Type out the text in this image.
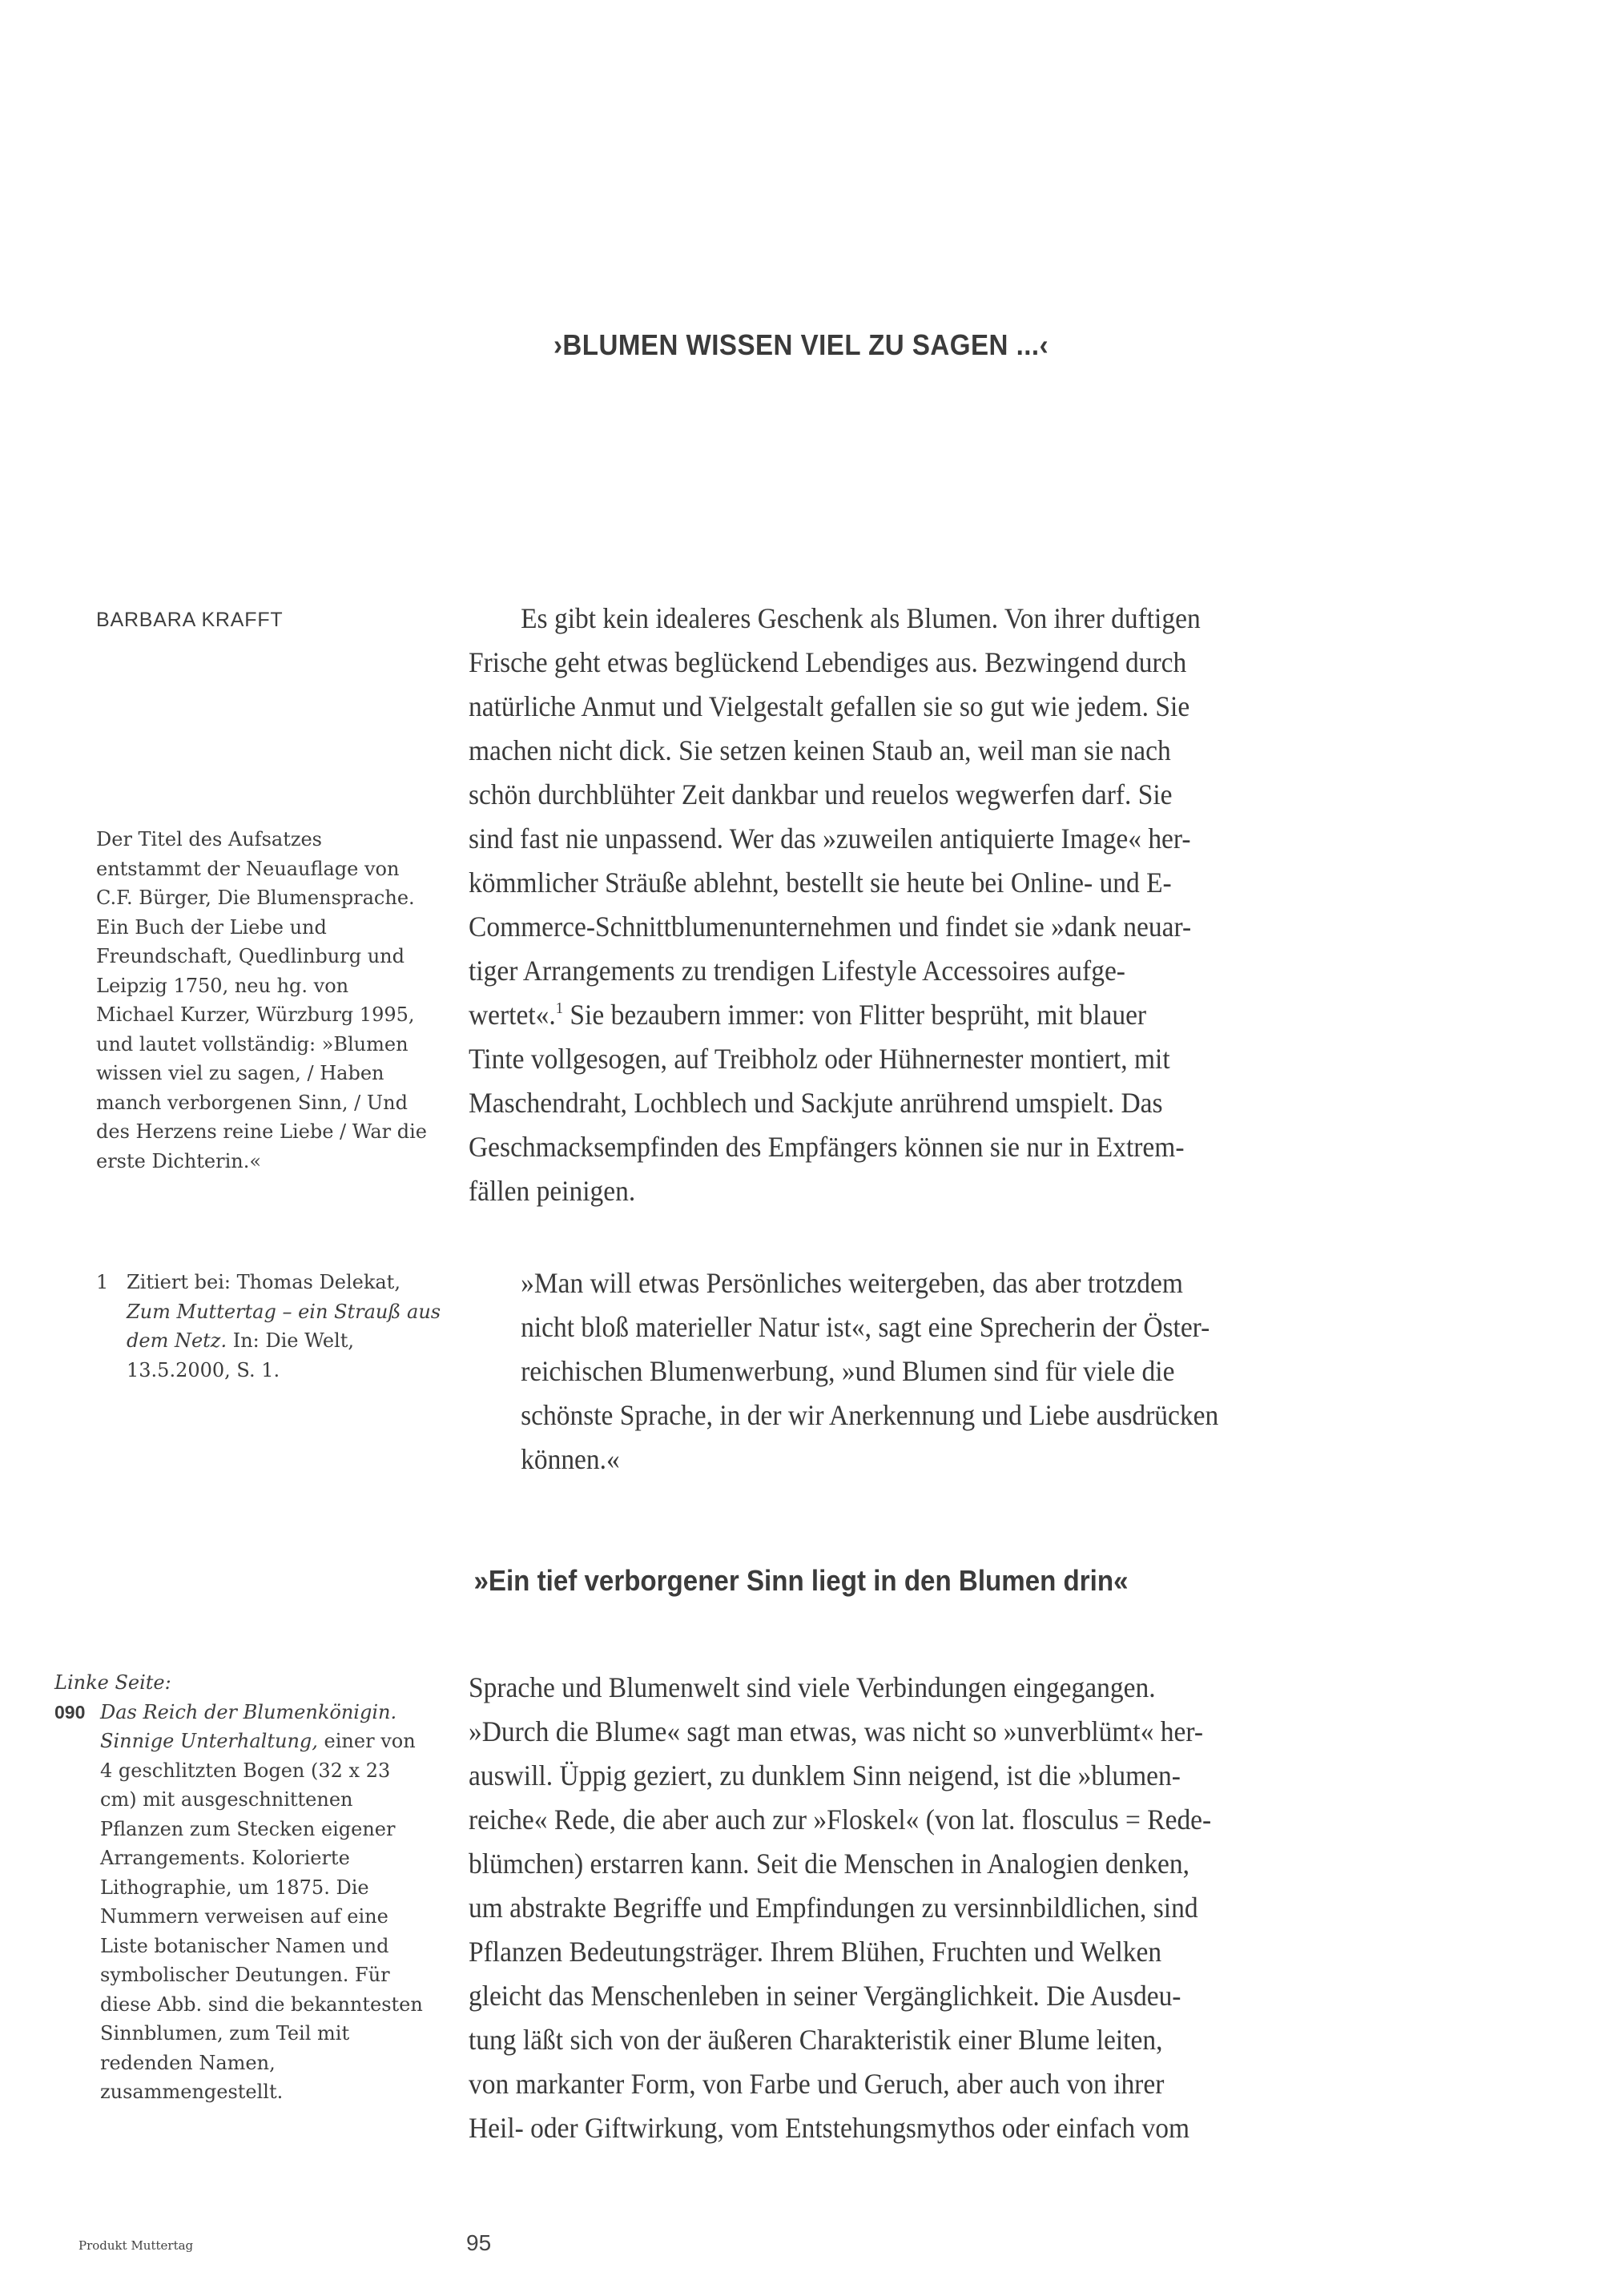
›BLUMEN WISSEN VIEL ZU SAGEN ...‹
BARBARA KRAFFT
Der Titel des Aufsatzes entstammt der Neuauflage von C.F. Bürger, Die Blumensprache. Ein Buch der Liebe und Freundschaft, Quedlinburg und Leipzig 1750, neu hg. von Michael Kurzer, Würzburg 1995, und lautet vollständig: »Blumen wissen viel zu sagen, / Haben manch verborgenen Sinn, / Und des Herzens reine Liebe / War die erste Dichterin.«
1 Zitiert bei: Thomas Delekat, Zum Muttertag – ein Strauß aus dem Netz. In: Die Welt, 13.5.2000, S. 1.

Es gibt kein idealeres Geschenk als Blumen. Von ihrer duftigen
Frische geht etwas beglückend Lebendiges aus. Bezwingend durch
natürliche Anmut und Vielgestalt gefallen sie so gut wie jedem. Sie
machen nicht dick. Sie setzen keinen Staub an, weil man sie nach
schön durchblühter Zeit dankbar und reuelos wegwerfen darf. Sie
sind fast nie unpassend. Wer das »zuweilen antiquierte Image« her-
kömmlicher Sträuße ablehnt, bestellt sie heute bei Online- und E-
Commerce-Schnittblumenunternehmen und findet sie »dank neuar-
tiger Arrangements zu trendigen Lifestyle Accessoires aufge-
wertet«.$^1$ Sie bezaubern immer: von Flitter besprüht, mit blauer
Tinte vollgesogen, auf Treibholz oder Hühnernester montiert, mit
Maschendraht, Lochblech und Sackjute anrührend umspielt. Das
Geschmacksempfinden des Empfängers können sie nur in Extrem-
fällen peinigen.

»Man will etwas Persönliches weitergeben, das aber trotzdem
nicht bloß materieller Natur ist«, sagt eine Sprecherin der Öster-
reichischen Blumenwerbung, »und Blumen sind für viele die
schönste Sprache, in der wir Anerkennung und Liebe ausdrücken
können.«

»Ein tief verborgener Sinn liegt in den Blumen drin«
Linke Seite:
090 Das Reich der Blumenkönigin. Sinnige Unterhaltung, einer von 4 geschlitzten Bogen (32 x 23 cm) mit ausgeschnittenen Pflanzen zum Stecken eigener Arrangements. Kolorierte Lithographie, um 1875. Die Nummern verweisen auf eine Liste botanischer Namen und symbolischer Deutungen. Für diese Abb. sind die bekanntesten Sinnblumen, zum Teil mit redenden Namen, zusammengestellt.

Sprache und Blumenwelt sind viele Verbindungen eingegangen.
»Durch die Blume« sagt man etwas, was nicht so »unverblümt« her-
auswill. Üppig geziert, zu dunklem Sinn neigend, ist die »blumen-
reiche« Rede, die aber auch zur »Floskel« (von lat. flosculus = Rede-
blümchen) erstarren kann. Seit die Menschen in Analogien denken,
um abstrakte Begriffe und Empfindungen zu versinnbildlichen, sind
Pflanzen Bedeutungsträger. Ihrem Blühen, Fruchten und Welken
gleicht das Menschenleben in seiner Vergänglichkeit. Die Ausdeu-
tung läßt sich von der äußeren Charakteristik einer Blume leiten,
von markanter Form, von Farbe und Geruch, aber auch von ihrer
Heil- oder Giftwirkung, vom Entstehungsmythos oder einfach vom

Produkt Muttertag	95
